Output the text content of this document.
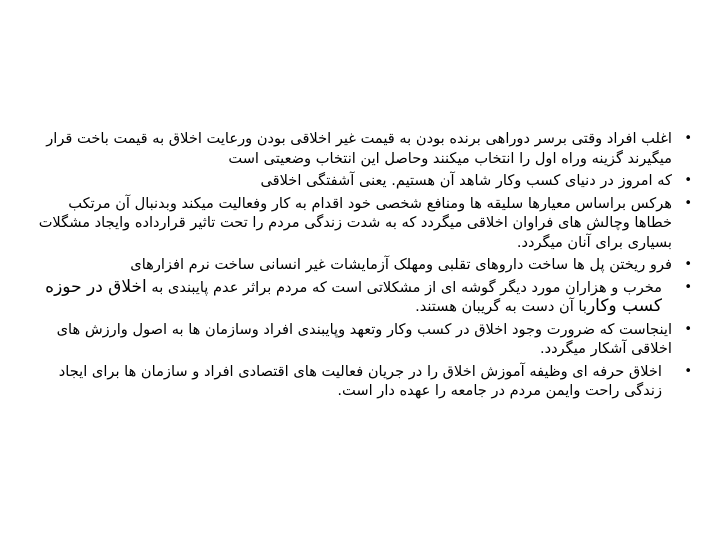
• اغلب افراد وقتی برسر دوراهی برنده بودن به قیمت غیر اخلاقی بودن ورعایت اخلاق به قیمت باخت قرار میگیرند گزینه وراه اول را انتخاب میکنند وحاصل این انتخاب وضعیتی است
• که امروز در دنیای کسب وکار شاهد آن هستیم. یعنی آشفتگی اخلاقی
• هرکس براساس معیارها سلیقه ها ومنافع شخصی خود اقدام به کار وفعالیت میکند وبدنبال آن مرتکب خطاها وچالش های فراوان اخلاقی میگردد که به شدت زندگی مردم را تحت تاثیر قرارداده وایجاد مشگلات بسیاری برای آنان میگردد.
• فرو ریختن پل ها ساخت داروهای تقلبی ومهلک آزمایشات غیر انسانی ساخت نرم افزارهای
• مخرب و هزاران مورد دیگر گوشه ای از مشکلاتی است که مردم براثر عدم پایبندی به اخلاق در حوزه کسب وکاربا آن دست به گریبان هستند.
• اینجاست که ضرورت وجود اخلاق در کسب وکار وتعهد وپایبندی افراد وسازمان ها به اصول وارزش های اخلاقی آشکار میگردد.
• اخلاق حرفه ای وظیفه آموزش اخلاق را در جریان فعالیت های اقتصادی افراد و سازمان ها برای ایجاد زندگی راحت وایمن مردم در جامعه را عهده دار است.
